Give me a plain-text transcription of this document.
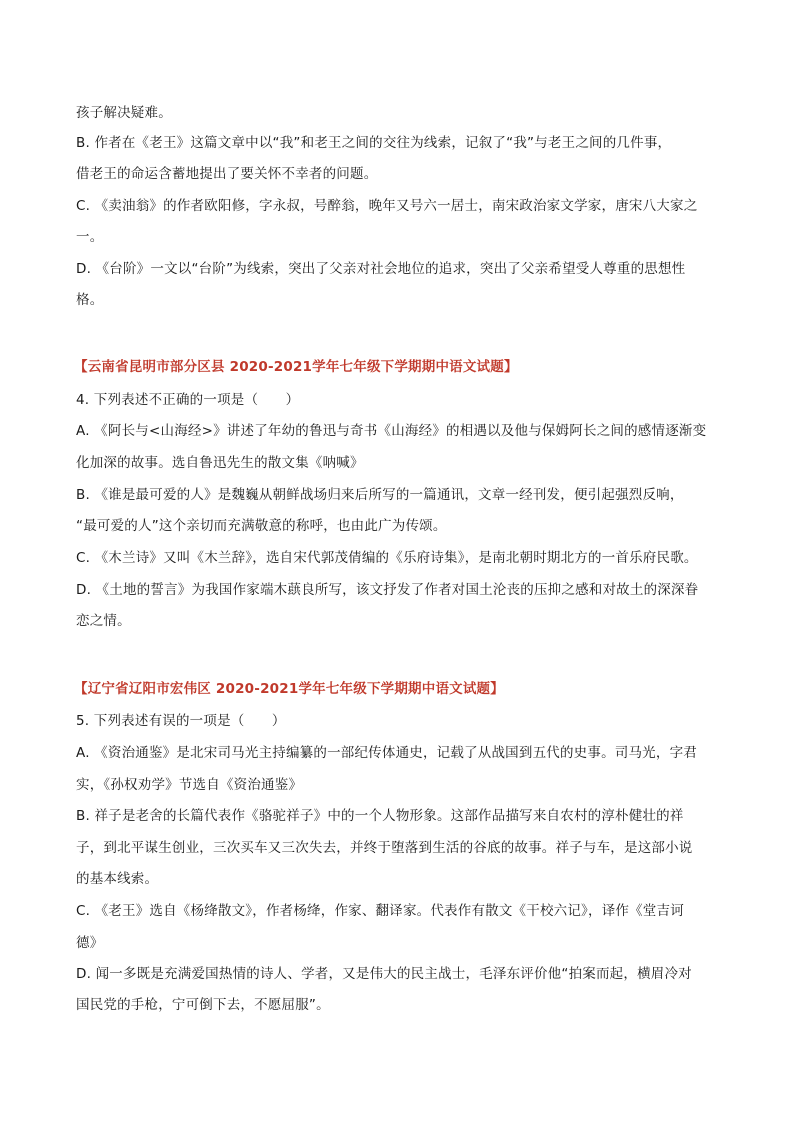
孩子解决疑难。
B. 作者在《老王》这篇文章中以“我”和老王之间的交往为线索，记叙了“我”与老王之间的几件事，
借老王的命运含蓄地提出了要关怀不幸者的问题。
C. 《卖油翁》的作者欧阳修，字永叔，号醉翁，晚年又号六一居士，南宋政治家文学家，唐宋八大家之
一。
D. 《台阶》一文以“台阶”为线索，突出了父亲对社会地位的追求，突出了父亲希望受人尊重的思想性
格。
【云南省昆明市部分区县 2020-2021学年七年级下学期期中语文试题】
4. 下列表述不正确的一项是（　　）
A. 《阿长与<山海经>》讲述了年幼的鲁迅与奇书《山海经》的相遇以及他与保姆阿长之间的感情逐渐变
化加深的故事。选自鲁迅先生的散文集《呐喊》
B. 《谁是最可爱的人》是魏巍从朝鲜战场归来后所写的一篇通讯，文章一经刊发，便引起强烈反响，
“最可爱的人”这个亲切而充满敬意的称呼，也由此广为传颂。
C. 《木兰诗》又叫《木兰辞》，选自宋代郭茂倩编的《乐府诗集》，是南北朝时期北方的一首乐府民歌。
D. 《土地的誓言》为我国作家端木蕻良所写，该文抒发了作者对国土沦丧的压抑之感和对故土的深深眷
恋之情。
【辽宁省辽阳市宏伟区 2020-2021学年七年级下学期期中语文试题】
5. 下列表述有误的一项是（　　）
A. 《资治通鉴》是北宋司马光主持编纂的一部纪传体通史，记载了从战国到五代的史事。司马光，字君
实，《孙权劝学》节选自《资治通鉴》
B. 祥子是老舍的长篇代表作《骆驼祥子》中的一个人物形象。这部作品描写来自农村的淳朴健壮的祥
子，到北平谋生创业，三次买车又三次失去，并终于堕落到生活的谷底的故事。祥子与车，是这部小说
的基本线索。
C. 《老王》选自《杨绛散文》，作者杨绛，作家、翻译家。代表作有散文《干校六记》，译作《堂吉诃
德》
D. 闻一多既是充满爱国热情的诗人、学者，又是伟大的民主战士，毛泽东评价他“拍案而起，横眉冷对
国民党的手枪，宁可倒下去，不愿屈服”。
